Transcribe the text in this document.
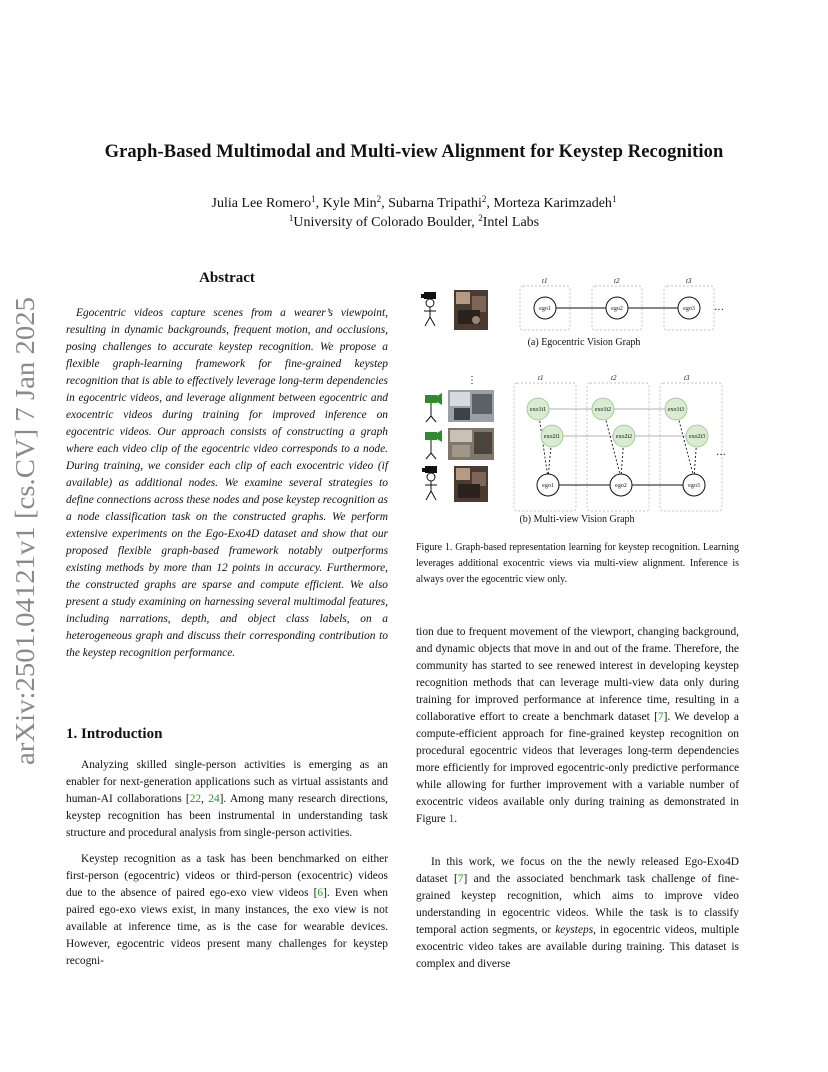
Graph-Based Multimodal and Multi-view Alignment for Keystep Recognition
Julia Lee Romero$^1$, Kyle Min$^2$, Subarna Tripathi$^2$, Morteza Karimzadeh$^1$
$^1$University of Colorado Boulder, $^2$Intel Labs
arXiv:2501.04121v1 [cs.CV] 7 Jan 2025
Abstract

Egocentric videos capture scenes from a wearer’s viewpoint, resulting in dynamic backgrounds, frequent motion, and occlusions, posing challenges to accurate keystep recognition. We propose a flexible graph-learning framework for fine-grained keystep recognition that is able to effectively leverage long-term dependencies in egocentric videos, and leverage alignment between egocentric and exocentric videos during training for improved inference on egocentric videos. Our approach consists of constructing a graph where each video clip of the egocentric video corresponds to a node. During training, we consider each clip of each exocentric video (if available) as additional nodes. We examine several strategies to define connections across these nodes and pose keystep recognition as a node classification task on the constructed graphs. We perform extensive experiments on the Ego-Exo4D dataset and show that our proposed flexible graph-based framework notably outperforms existing methods by more than 12 points in accuracy. Furthermore, the constructed graphs are sparse and compute efficient. We also present a study examining on harnessing several multimodal features, including narrations, depth, and object class labels, on a heterogeneous graph and discuss their corresponding contribution to the keystep recognition performance.

1. Introduction

Analyzing skilled single-person activities is emerging as an enabler for next-generation applications such as virtual assistants and human-AI collaborations [22, 24]. Among many research directions, keystep recognition has been instrumental in understanding task structure and procedural analysis from single-person activities.

Keystep recognition as a task has been benchmarked on either first-person (egocentric) videos or third-person (exocentric) videos due to the absence of paired ego-exo view videos [6]. Even when paired ego-exo views exist, in many instances, the exo view is not available at inference time, as is the case for wearable devices. However, egocentric videos present many challenges for keystep recogni-

tion due to frequent movement of the viewport, changing background, and dynamic objects that move in and out of the frame. Therefore, the community has started to see renewed interest in developing keystep recognition methods that can leverage multi-view data only during training for improved performance at inference time, resulting in a collaborative effort to create a benchmark dataset [7]. We develop a compute-efficient approach for fine-grained keystep recognition on procedural egocentric videos that leverages long-term dependencies more efficiently for improved egocentric-only predictive performance while allowing for further improvement with a variable number of exocentric videos available only during training as demonstrated in Figure 1.

In this work, we focus on the the newly released Ego-Exo4D dataset [7] and the associated benchmark task challenge of fine-grained keystep recognition, which aims to improve video understanding in egocentric videos. While the task is to classify temporal action segments, or keysteps, in egocentric videos, multiple exocentric video takes are available during training. This dataset is complex and diverse

t1	t2	t3
ego1	ego2	ego3 …
(a) Egocentric Vision Graph
⋮	t1	t2	t3
exo1t1	exo1t2	exo1t3
exo2t1	exo2t2	exo2t3
ego1	ego2	ego3
…
(b) Multi-view Vision Graph

Figure 1. Graph-based representation learning for keystep recognition. Learning leverages additional exocentric views via multi-view alignment. Inference is always over the egocentric view only.
